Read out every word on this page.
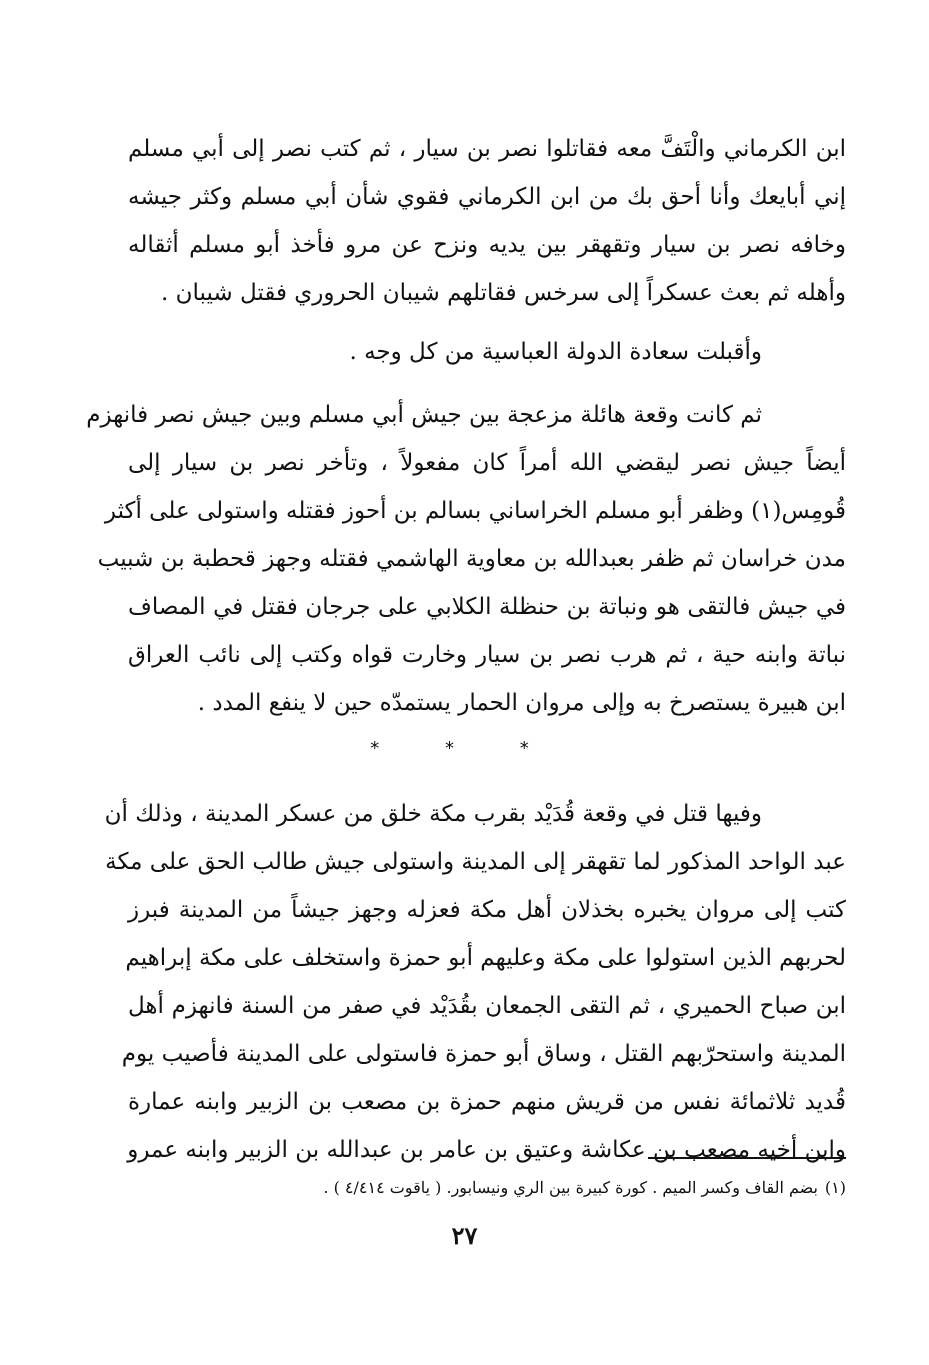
ابن الكرماني والْتَفَّ معه فقاتلوا نصر بن سيار ، ثم كتب نصر إلى أبي مسلم
إني أبايعك وأنا أحق بك من ابن الكرماني فقوي شأن أبي مسلم وكثر جيشه
وخافه نصر بن سيار وتقهقر بين يديه ونزح عن مرو فأخذ أبو مسلم أثقاله
وأهله ثم بعث عسكراً إلى سرخس فقاتلهم شيبان الحروري فقتل شيبان .
وأقبلت سعادة الدولة العباسية من كل وجه .
ثم كانت وقعة هائلة مزعجة بين جيش أبي مسلم وبين جيش نصر فانهزم
أيضاً جيش نصر ليقضي الله أمراً كان مفعولاً ، وتأخر نصر بن سيار إلى
قُومِس(١) وظفر أبو مسلم الخراساني بسالم بن أحوز فقتله واستولى على أكثر
مدن خراسان ثم ظفر بعبدالله بن معاوية الهاشمي فقتله وجهز قحطبة بن شبيب
في جيش فالتقى هو ونباتة بن حنظلة الكلابي على جرجان فقتل في المصاف
نباتة وابنه حية ، ثم هرب نصر بن سيار وخارت قواه وكتب إلى نائب العراق
ابن هبيرة يستصرخ به وإلى مروان الحمار يستمدّه حين لا ينفع المدد .
* * *
وفيها قتل في وقعة قُدَيْد بقرب مكة خلق من عسكر المدينة ، وذلك أن
عبد الواحد المذكور لما تقهقر إلى المدينة واستولى جيش طالب الحق على مكة
كتب إلى مروان يخبره بخذلان أهل مكة فعزله وجهز جيشاً من المدينة فبرز
لحربهم الذين استولوا على مكة وعليهم أبو حمزة واستخلف على مكة إبراهيم
ابن صباح الحميري ، ثم التقى الجمعان بقُدَيْد في صفر من السنة فانهزم أهل
المدينة واستحرّبهم القتل ، وساق أبو حمزة فاستولى على المدينة فأصيب يوم
قُديد ثلاثمائة نفس من قريش منهم حمزة بن مصعب بن الزبير وابنه عمارة
وابن أخيه مصعب بن عكاشة وعتيق بن عامر بن عبدالله بن الزبير وابنه عمرو
(١)
بضم القاف وكسر الميم . كورة كبيرة بين الري ونيسابور. ( ياقوت ٤/٤١٤ ) .
٢٧
